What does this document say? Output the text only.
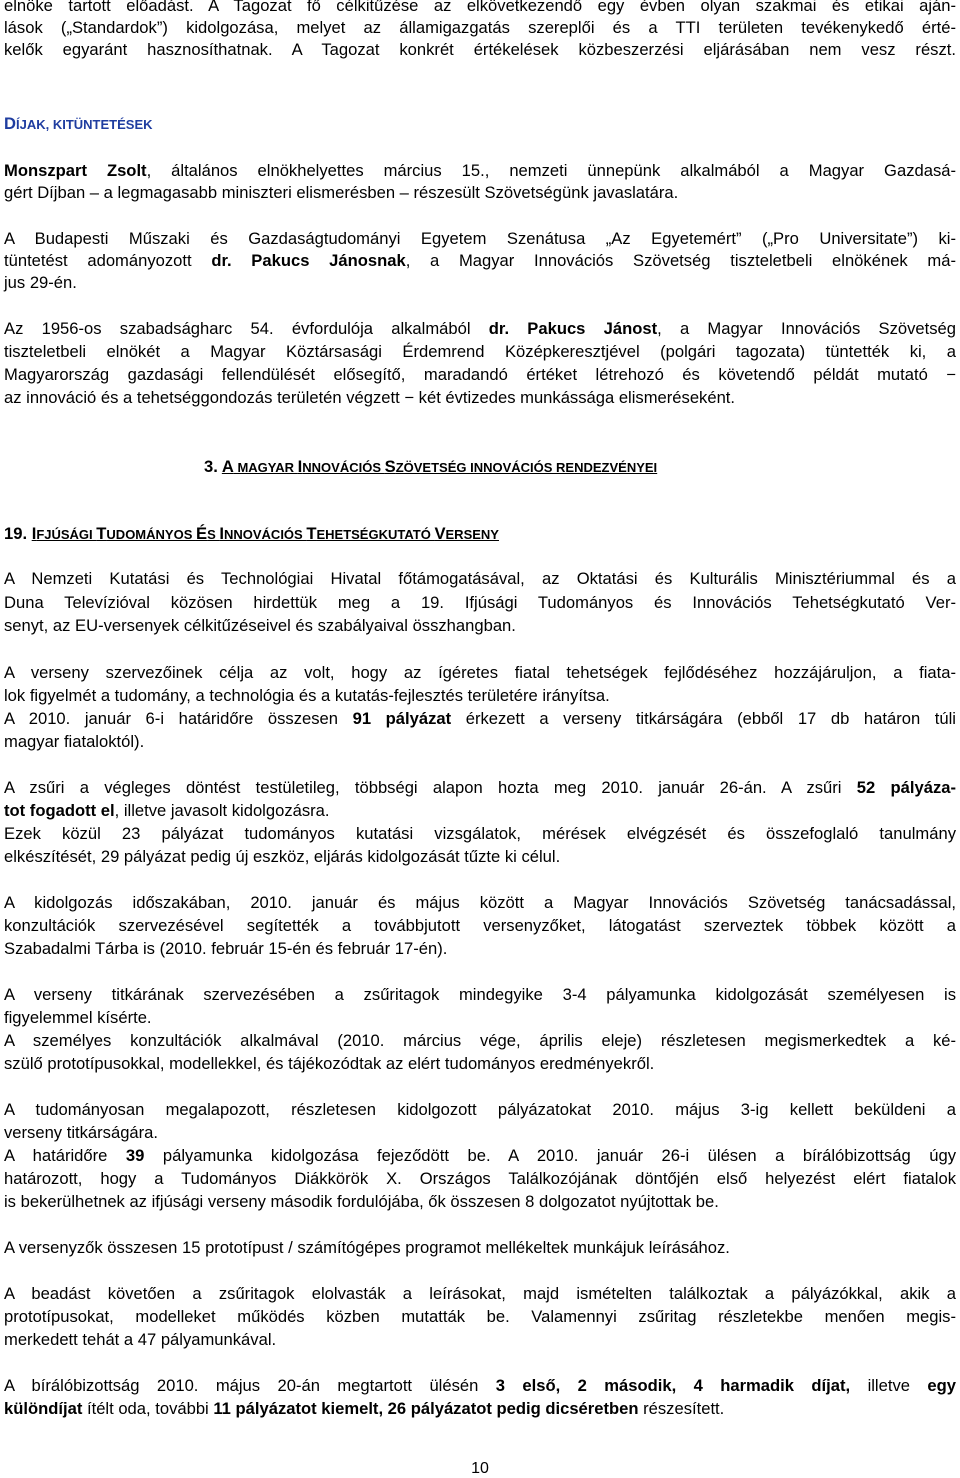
elnöke tartott előadást. A Tagozat fő célkitűzése az elkövetkezendő egy évben olyan szakmai és etikai aján-
lások („Standardok”) kidolgozása, melyet az államigazgatás szereplői és a TTI területen tevékenykedő érté-
kelők egyaránt hasznosíthatnak. A Tagozat konkrét értékelések közbeszerzési eljárásában nem vesz részt.
DÍJAK, KITÜNTETÉSEK
Monszpart Zsolt, általános elnökhelyettes március 15., nemzeti ünnepünk alkalmából a Magyar Gazdasá-
gért Díjban – a legmagasabb miniszteri elismerésben – részesült Szövetségünk javaslatára.
A Budapesti Műszaki és Gazdaságtudományi Egyetem Szenátusa „Az Egyetemért” („Pro Universitate”) ki-
tüntetést adományozott dr. Pakucs Jánosnak, a Magyar Innovációs Szövetség tiszteletbeli elnökének má-
jus 29-én.
Az 1956-os szabadságharc 54. évfordulója alkalmából dr. Pakucs Jánost, a Magyar Innovációs Szövetség
tiszteletbeli elnökét a Magyar Köztársasági Érdemrend Középkeresztjével (polgári tagozata) tüntették ki, a
Magyarország gazdasági fellendülését elősegítő, maradandó értéket létrehozó és követendő példát mutató −
az innováció és a tehetséggondozás területén végzett − két évtizedes munkássága elismeréseként.
3. A MAGYAR INNOVÁCIÓS SZÖVETSÉG INNOVÁCIÓS RENDEZVÉNYEI
19. IFJÚSÁGI TUDOMÁNYOS ÉS INNOVÁCIÓS TEHETSÉGKUTATÓ VERSENY
A Nemzeti Kutatási és Technológiai Hivatal főtámogatásával, az Oktatási és Kulturális Minisztériummal és a
Duna Televízióval közösen hirdettük meg a 19. Ifjúsági Tudományos és Innovációs Tehetségkutató Ver-
senyt, az EU-versenyek célkitűzéseivel és szabályaival összhangban.
A verseny szervezőinek célja az volt, hogy az ígéretes fiatal tehetségek fejlődéséhez hozzájáruljon, a fiata-
lok figyelmét a tudomány, a technológia és a kutatás-fejlesztés területére irányítsa.
A 2010. január 6-i határidőre összesen 91 pályázat érkezett a verseny titkárságára (ebből 17 db határon túli
magyar fiataloktól).
A zsűri a végleges döntést testületileg, többségi alapon hozta meg 2010. január 26-án. A zsűri 52 pályáza-
tot fogadott el, illetve javasolt kidolgozásra.
Ezek közül 23 pályázat tudományos kutatási vizsgálatok, mérések elvégzését és összefoglaló tanulmány
elkészítését, 29 pályázat pedig új eszköz, eljárás kidolgozását tűzte ki célul.
A kidolgozás időszakában, 2010. január és május között a Magyar Innovációs Szövetség tanácsadással,
konzultációk szervezésével segítették a továbbjutott versenyzőket, látogatást szerveztek többek között a
Szabadalmi Tárba is (2010. február 15-én és február 17-én).
A verseny titkárának szervezésében a zsűritagok mindegyike 3-4 pályamunka kidolgozását személyesen is
figyelemmel kísérte.
A személyes konzultációk alkalmával (2010. március vége, április eleje) részletesen megismerkedtek a ké-
szülő prototípusokkal, modellekkel, és tájékozódtak az elért tudományos eredményekről.
A tudományosan megalapozott, részletesen kidolgozott pályázatokat 2010. május 3-ig kellett beküldeni a
verseny titkárságára.
A határidőre 39 pályamunka kidolgozása fejeződött be. A 2010. január 26-i ülésen a bírálóbizottság úgy
határozott, hogy a Tudományos Diákkörök X. Országos Találkozójának döntőjén első helyezést elért fiatalok
is bekerülhetnek az ifjúsági verseny második fordulójába, ők összesen 8 dolgozatot nyújtottak be.
A versenyzők összesen 15 prototípust / számítógépes programot mellékeltek munkájuk leírásához.
A beadást követően a zsűritagok elolvasták a leírásokat, majd ismételten találkoztak a pályázókkal, akik a
prototípusokat, modelleket működés közben mutatták be. Valamennyi zsűritag részletekbe menően megis-
merkedett tehát a 47 pályamunkával.
A bírálóbizottság 2010. május 20-án megtartott ülésén 3 első, 2 második, 4 harmadik díjat, illetve egy
különdíjat ítélt oda, további 11 pályázatot kiemelt, 26 pályázatot pedig dicséretben részesített.
10
